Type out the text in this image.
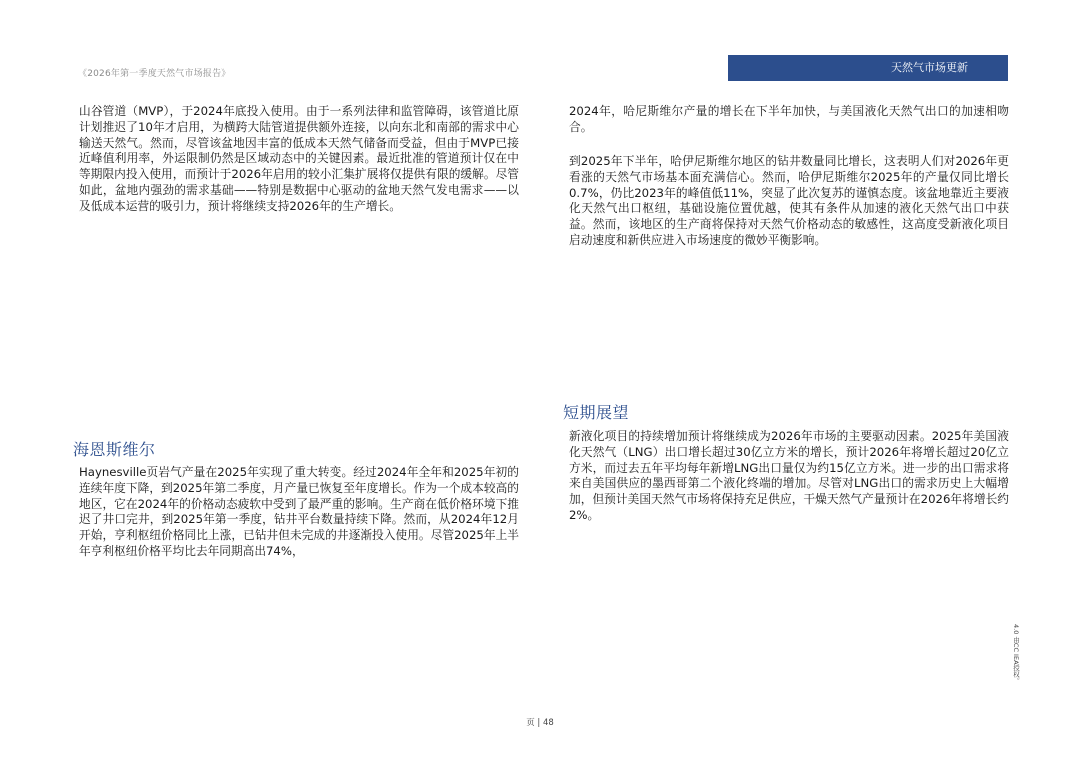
《2026年第一季度天然气市场报告》	天然气市场更新

山谷管道（MVP），于2024年底投入使用。由于一系列法律和监管障碍，该管道比原计划推迟了10年才启用，为横跨大陆管道提供额外连接，以向东北和南部的需求中心输送天然气。然而，尽管该盆地因丰富的低成本天然气储备而受益，但由于MVP已接近峰值利用率，外运限制仍然是区域动态中的关键因素。最近批准的管道预计仅在中等期限内投入使用，而预计于2026年启用的较小汇集扩展将仅提供有限的缓解。尽管如此，盆地内强劲的需求基础——特别是数据中心驱动的盆地天然气发电需求——以及低成本运营的吸引力，预计将继续支持2026年的生产增长。

海恩斯维尔

Haynesville页岩气产量在2025年实现了重大转变。经过2024年全年和2025年初的连续年度下降，到2025年第二季度，月产量已恢复至年度增长。作为一个成本较高的地区，它在2024年的价格动态疲软中受到了最严重的影响。生产商在低价格环境下推迟了井口完井，到2025年第一季度，钻井平台数量持续下降。然而，从2024年12月开始，亨利枢纽价格同比上涨，已钻井但未完成的井逐渐投入使用。尽管2025年上半年亨利枢纽价格平均比去年同期高出74%，

2024年，哈尼斯维尔产量的增长在下半年加快，与美国液化天然气出口的加速相吻合。

到2025年下半年，哈伊尼斯维尔地区的钻井数量同比增长，这表明人们对2026年更看涨的天然气市场基本面充满信心。然而，哈伊尼斯维尔2025年的产量仅同比增长0.7%，仍比2023年的峰值低11%，突显了此次复苏的谨慎态度。该盆地靠近主要液化天然气出口枢纽，基础设施位置优越，使其有条件从加速的液化天然气出口中获益。然而，该地区的生产商将保持对天然气价格动态的敏感性，这高度受新液化项目启动速度和新供应进入市场速度的微妙平衡影响。

短期展望

新液化项目的持续增加预计将继续成为2026年市场的主要驱动因素。2025年美国液化天然气（LNG）出口增长超过30亿立方米的增长，预计2026年将增长超过20亿立方米，而过去五年平均每年新增LNG出口量仅为约15亿立方米。进一步的出口需求将来自美国供应的墨西哥第二个液化终端的增加。尽管对LNG出口的需求历史上大幅增加，但预计美国天然气市场将保持充足供应，干燥天然气产量预计在2026年将增长约2%。

页 | 48
4.0 由CC IEA授权。
